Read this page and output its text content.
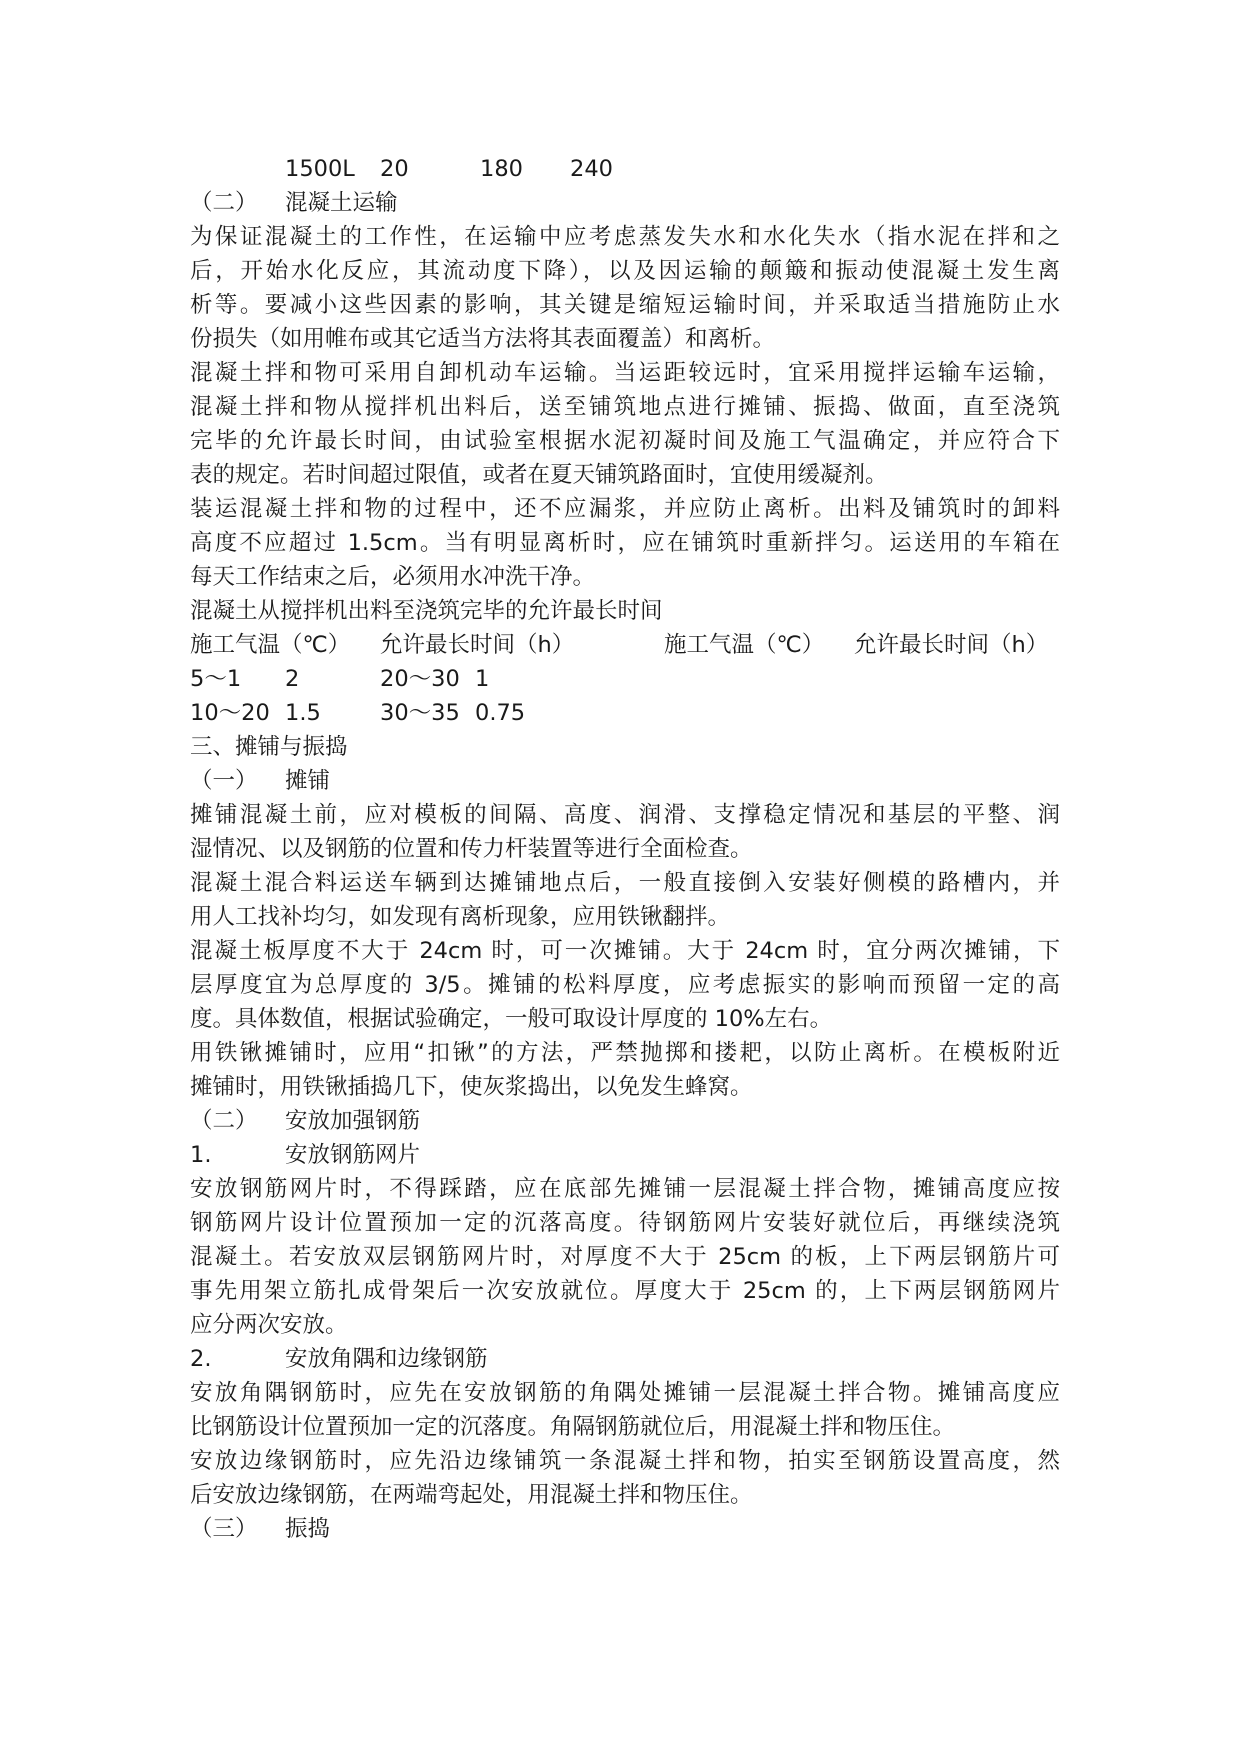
1500L	20	180	240
（二） 混凝土运输
为保证混凝土的工作性，在运输中应考虑蒸发失水和水化失水（指水泥在拌和之
后，开始水化反应，其流动度下降），以及因运输的颠簸和振动使混凝土发生离
析等。要减小这些因素的影响，其关键是缩短运输时间，并采取适当措施防止水
份损失（如用帷布或其它适当方法将其表面覆盖）和离析。
混凝土拌和物可采用自卸机动车运输。当运距较远时，宜采用搅拌运输车运输，
混凝土拌和物从搅拌机出料后，送至铺筑地点进行摊铺、振捣、做面，直至浇筑
完毕的允许最长时间，由试验室根据水泥初凝时间及施工气温确定，并应符合下
表的规定。若时间超过限值，或者在夏天铺筑路面时，宜使用缓凝剂。
装运混凝土拌和物的过程中，还不应漏浆，并应防止离析。出料及铺筑时的卸料
高度不应超过 1.5cm。当有明显离析时，应在铺筑时重新拌匀。运送用的车箱在
每天工作结束之后，必须用水冲洗干净。
混凝土从搅拌机出料至浇筑完毕的允许最长时间
施工气温（℃）	允许最长时间（h）	施工气温（℃）	允许最长时间（h）
5～1	2	20～30 1
10～20 1.5	30～35 0.75
三、摊铺与振捣
（一） 摊铺
摊铺混凝土前，应对模板的间隔、高度、润滑、支撑稳定情况和基层的平整、润
湿情况、以及钢筋的位置和传力杆装置等进行全面检查。
混凝土混合料运送车辆到达摊铺地点后，一般直接倒入安装好侧模的路槽内，并
用人工找补均匀，如发现有离析现象，应用铁锹翻拌。
混凝土板厚度不大于 24cm 时，可一次摊铺。大于 24cm 时，宜分两次摊铺，下
层厚度宜为总厚度的 3/5。摊铺的松料厚度，应考虑振实的影响而预留一定的高
度。具体数值，根据试验确定，一般可取设计厚度的 10%左右。
用铁锹摊铺时，应用“扣锹”的方法，严禁抛掷和搂耙，以防止离析。在模板附近
摊铺时，用铁锹插捣几下，使灰浆捣出，以免发生蜂窝。
（二） 安放加强钢筋
1.	安放钢筋网片
安放钢筋网片时，不得踩踏，应在底部先摊铺一层混凝土拌合物，摊铺高度应按
钢筋网片设计位置预加一定的沉落高度。待钢筋网片安装好就位后，再继续浇筑
混凝土。若安放双层钢筋网片时，对厚度不大于 25cm 的板，上下两层钢筋片可
事先用架立筋扎成骨架后一次安放就位。厚度大于 25cm 的，上下两层钢筋网片
应分两次安放。
2.	安放角隅和边缘钢筋
安放角隅钢筋时，应先在安放钢筋的角隅处摊铺一层混凝土拌合物。摊铺高度应
比钢筋设计位置预加一定的沉落度。角隔钢筋就位后，用混凝土拌和物压住。
安放边缘钢筋时，应先沿边缘铺筑一条混凝土拌和物，拍实至钢筋设置高度，然
后安放边缘钢筋，在两端弯起处，用混凝土拌和物压住。
（三） 振捣
